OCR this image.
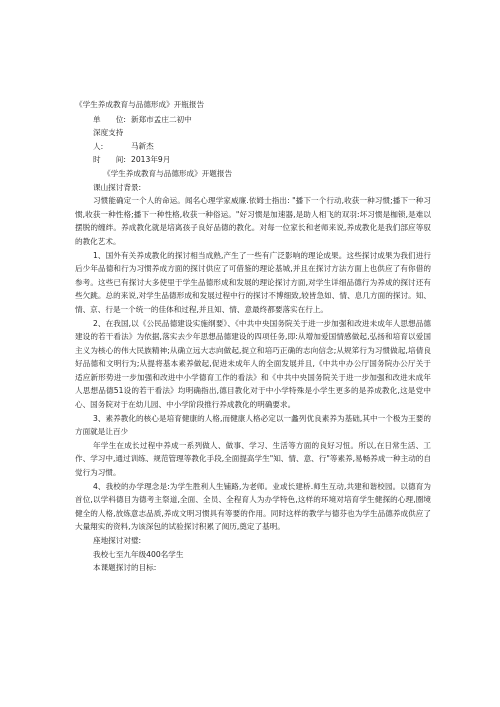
《学生养成教育与品德形成》开瓶报告
单　　位: 新郑市孟庄二初中
深度支持人:	马新杰
时　　间: 2013年9月
《学生养成教育与品德形成》开题报告
课山探讨背景:

习惯能确定一个人的命运。闻名心理学家威廉.依姆士指出: "播下一个行动,收获一种习惯;播下一种习惯,收获一种性格;播下一种性格,收获一种俗运。"好习惯是加速器,是助人相飞的双羽:坏习惯是枷锁,是难以摆脱的缠绊。养成教化就是培离孩子良好品德的教化。对每一位家长和老师来说,养成教化是我们部应等驭的教化艺术。

1、国外有关养成教化的探讨相当成熟,产生了一些有广泛影响的理论成果。这些探讨成果为我们进行后少年品德和行为习惯养成方面的探讨供应了可借鉴的理论基城,并且在探讨方法方面上也供应了有你借的参考。这些已有探讨大多使里于学生品德形成和发展的理论探讨方面,对学生详细品德行为养成的探讨还有些欠跳。总的来说,对学生品德形成和发展过程中行的探讨不博细致,较皆急如、情、息几方面的探讨。知、情、京、行是一个统一的佳体和过程,并且知、情、意最终都要落实在行上。

2、在我国,以《公民品德建设实施纲要》、《中共中央国务院关于进一步加强和改进未成年人思想品德建设的若干看法》为依据,落实去少年思想品德建设的四项任务,即:从增加爱国情感做起,弘扬和培育以爱国主义为核心的伟大民族精神;从确立远大志向做起,捉立和培巧正确的志向信念;从规笫行为习惯做起,培倩良好品德和文明行为;从提将基本素养做起,促进未成年人的全面发展并且,《中共中办公厅国务院办公厅关于适应新形势进一步加强和改进中小学德育工作的看法》和《中共中央国务院关于进一步加强和改进未成年人思想品德51设的若干看法》均明确指出,德目教化对于中小学特殊是小学生更多的是养成教化,这是党中心、国务院对于在幼儿园、中小学阶段推行养成教化的明确要求。

3、素养教化的核心是培育健康的人格,而健康人格必定以一蠡列优良素养为基础,其中一个极为王要的方面就是让百少

年学生在成长过程中养成一系列做人、做事、学习、生活等方面的良好习忸。所以,在日常生活、工作、学习中,通过训练、规范管理等教化手段,全面提高学生"知、情、意、行"等素养,易畅养成一种主动的自觉行为习惯。

4、我校的办学理念是:为学生胜利人生铺路,为老师。业或长建桥.师生互动,共建和谐校园。以德育为首位,以学科德目为德考主祭道,全面、全员、全程育人为办学特色,这样的环境对培育学生健探的心理,圈境健全的人格,放炼意志品质,养成文明习惯具有等要的作用。同时这样的教学与德芬也为学生品德养成供应了大量翔实的资料,为该深包的试验探讨积累了阅历,奠定了基明。

座地探讨对璧:
我校七至九年级400名学生
本课题探讨的目标:
